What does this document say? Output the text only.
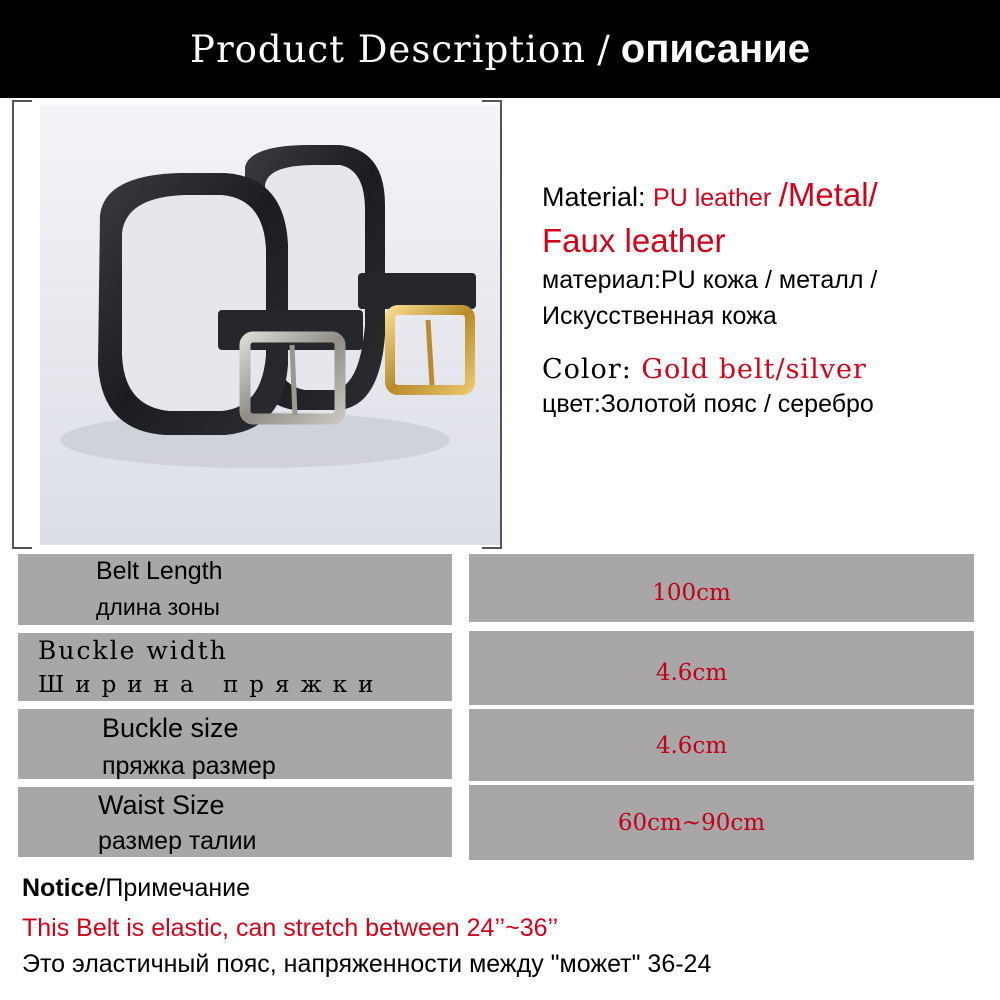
Product Description / описание
Material: PU leather /Metal/
Faux leather
материал:PU кожа / металл /
Искусственная кожа
Color: Gold belt/silver
цвет:Золотой пояс / серебро
Belt Length
длина зоны
100cm
Buckle width
Ширина пряжки	4.6cm
Buckle size
пряжка размер
4.6cm
Waist Size
размер талии
60cm~90cm
Notice/Примечание
This Belt is elastic, can stretch between 24’’~36’’
Это эластичный пояс, напряженности между "может" 36-24
